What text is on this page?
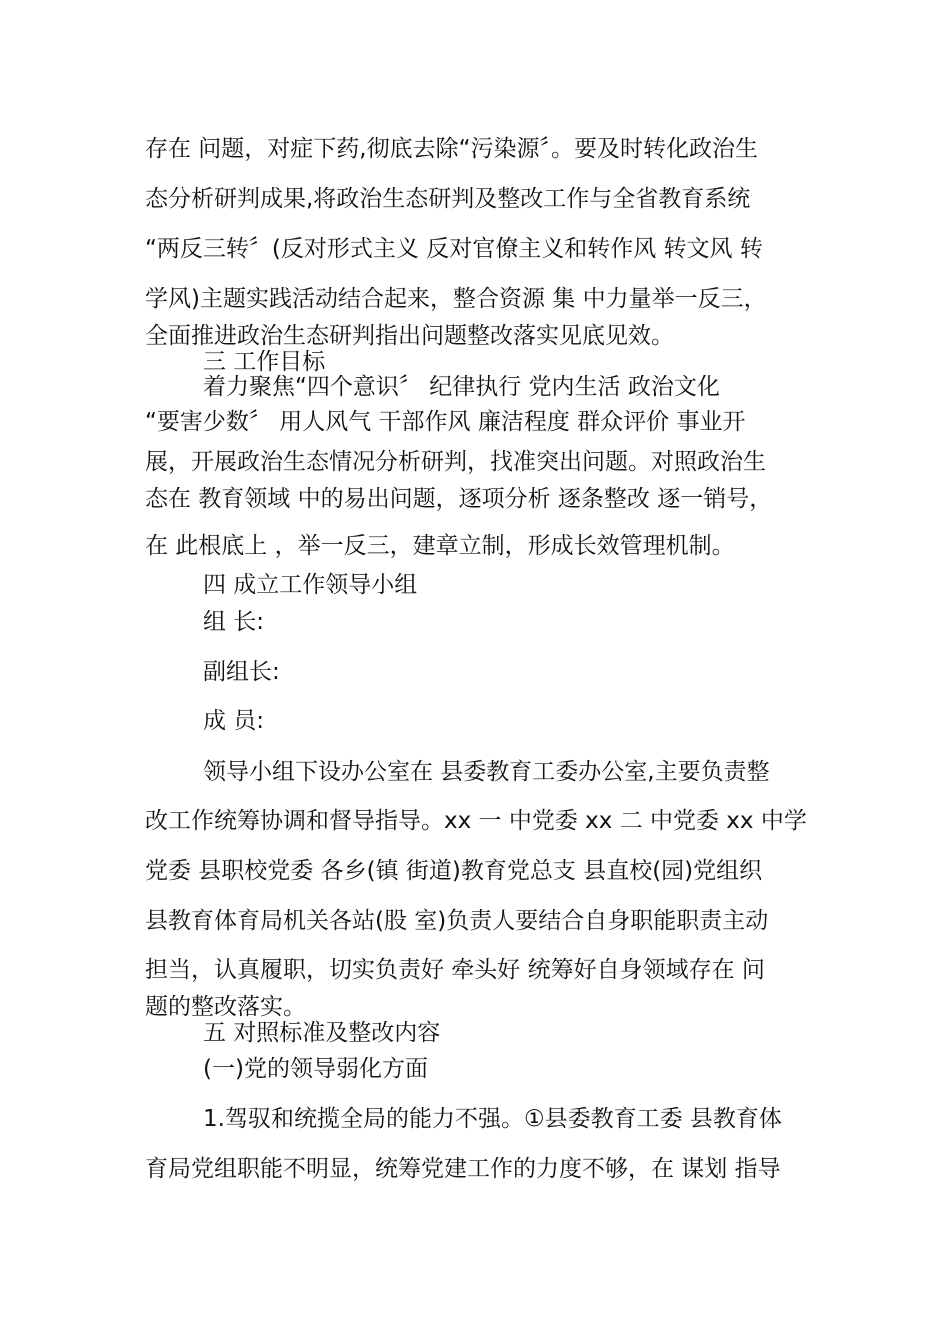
存在 问题，对症下药,彻底去除“污染源〞。要及时转化政治生

态分析研判成果,将政治生态研判及整改工作与全省教育系统

“两反三转〞(反对形式主义 反对官僚主义和转作风 转文风 转

学风)主题实践活动结合起来，整合资源 集 中力量举一反三，

全面推进政治生态研判指出问题整改落实见底见效。

三 工作目标

着力聚焦“四个意识〞 纪律执行 党内生活 政治文化

“要害少数〞 用人风气 干部作风 廉洁程度 群众评价 事业开

展，开展政治生态情况分析研判，找准突出问题。对照政治生

态在 教育领域 中的易出问题，逐项分析 逐条整改 逐一销号，

在 此根底上 ，举一反三，建章立制，形成长效管理机制。

四 成立工作领导小组

组 长:

副组长:

成 员:

领导小组下设办公室在 县委教育工委办公室,主要负责整

改工作统筹协调和督导指导。xx 一 中党委 xx 二 中党委 xx 中学

党委 县职校党委 各乡(镇 街道)教育党总支 县直校(园)党组织

县教育体育局机关各站(股 室)负责人要结合自身职能职责主动

担当，认真履职，切实负责好 牵头好 统筹好自身领域存在 问

题的整改落实。

五 对照标准及整改内容

(一)党的领导弱化方面

1.驾驭和统揽全局的能力不强。①县委教育工委 县教育体

育局党组职能不明显，统筹党建工作的力度不够，在 谋划 指导
